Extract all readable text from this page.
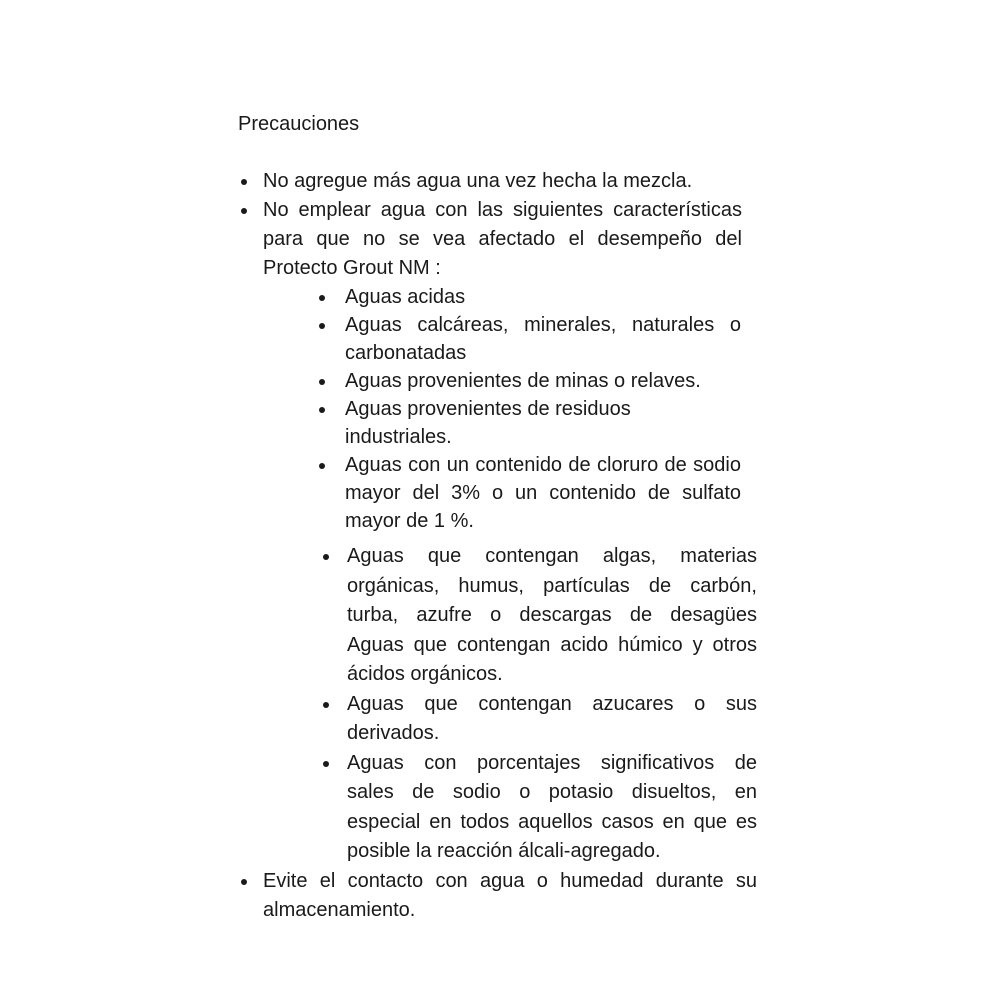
Precauciones

No agregue más agua una vez hecha la mezcla.
No emplear agua con las siguientes características
para que no se vea afectado el desempeño del
Protecto Grout NM :
Aguas acidas
Aguas calcáreas, minerales, naturales o
carbonatadas
Aguas provenientes de minas o relaves.
Aguas provenientes de residuos industriales.
Aguas con un contenido de cloruro de sodio
mayor del 3% o un contenido de sulfato
mayor de 1 %.
Aguas que contengan algas, materias
orgánicas, humus, partículas de carbón,
turba, azufre o descargas de desagües
Aguas que contengan acido húmico y otros
ácidos orgánicos.
Aguas que contengan azucares o sus
derivados.
Aguas con porcentajes significativos de
sales de sodio o potasio disueltos, en
especial en todos aquellos casos en que es
posible la reacción álcali-agregado.
Evite el contacto con agua o humedad durante su
almacenamiento.
